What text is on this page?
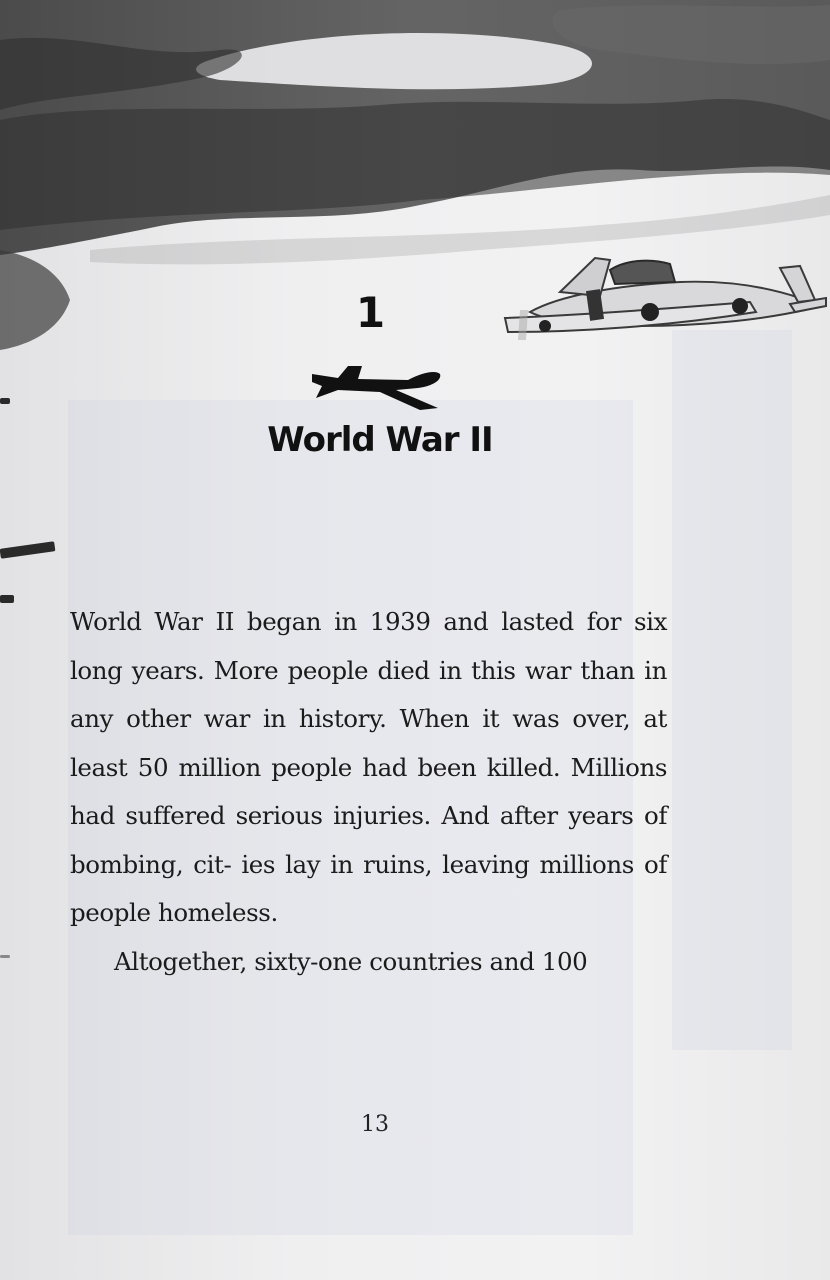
1
World War II

World War II began in 1939 and lasted for six long years. More people died in this war than in any other war in history. When it was over, at least 50 million people had been killed. Millions had suffered serious injuries. And after years of bombing, cit- ies lay in ruins, leaving millions of people homeless.

Altogether, sixty-one countries and 100

13
